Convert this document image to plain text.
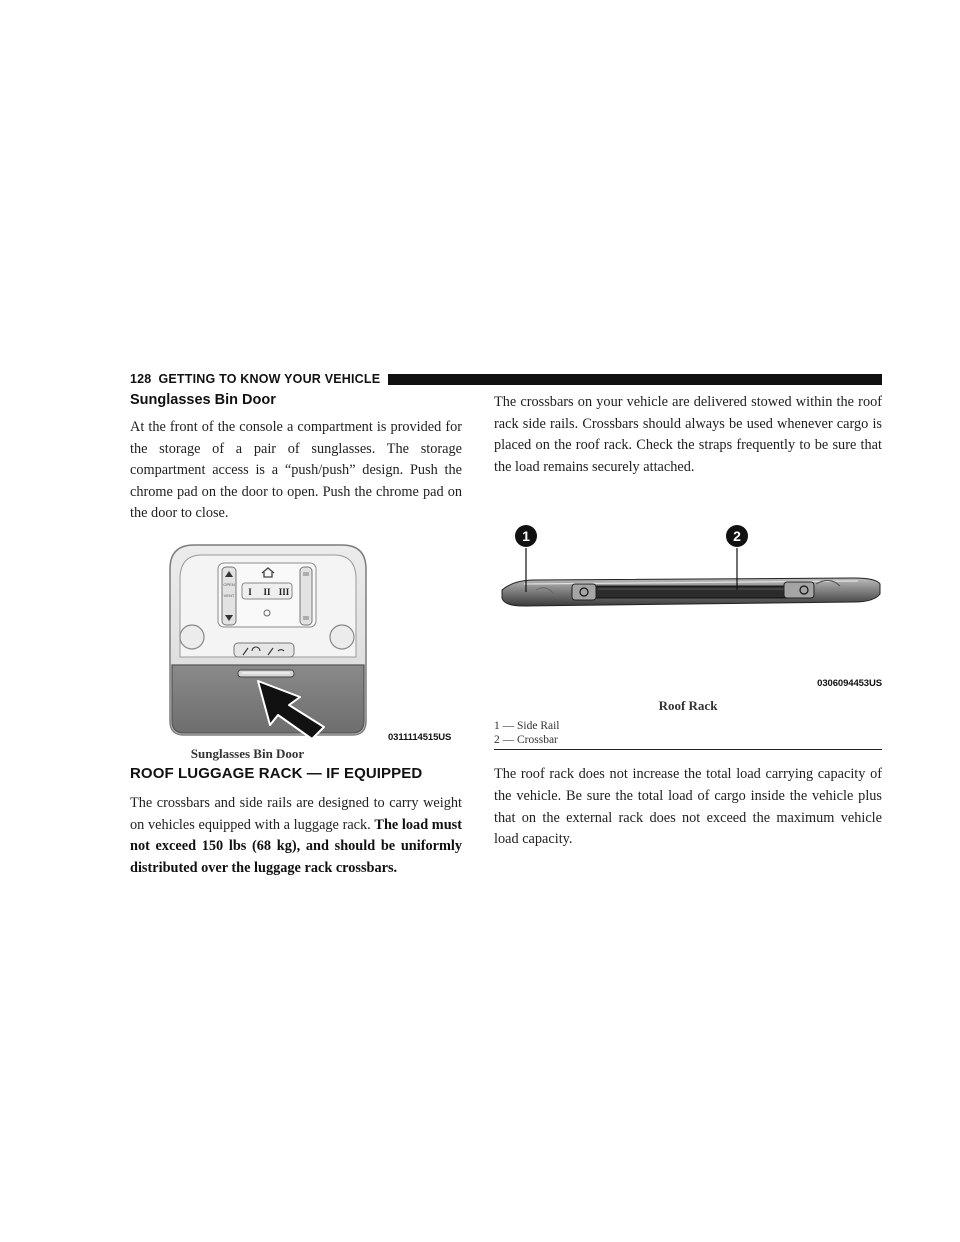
128 GETTING TO KNOW YOUR VEHICLE
Sunglasses Bin Door

At the front of the console a compartment is provided for the storage of a pair of sunglasses. The storage compartment access is a “push/push” design. Push the chrome pad on the door to open. Push the chrome pad on the door to close.

VENT
OPEN
I II III
0311114515US
Sunglasses Bin Door
ROOF LUGGAGE RACK — IF EQUIPPED

The crossbars and side rails are designed to carry weight on vehicles equipped with a luggage rack. The load must not exceed 150 lbs (68 kg), and should be uniformly distributed over the luggage rack crossbars.

The crossbars on your vehicle are delivered stowed within the roof rack side rails. Crossbars should always be used whenever cargo is placed on the roof rack. Check the straps frequently to be sure that the load remains securely attached.

1	2
0306094453US
Roof Rack
1 — Side Rail
2 — Crossbar

The roof rack does not increase the total load carrying capacity of the vehicle. Be sure the total load of cargo inside the vehicle plus that on the external rack does not exceed the maximum vehicle load capacity.
